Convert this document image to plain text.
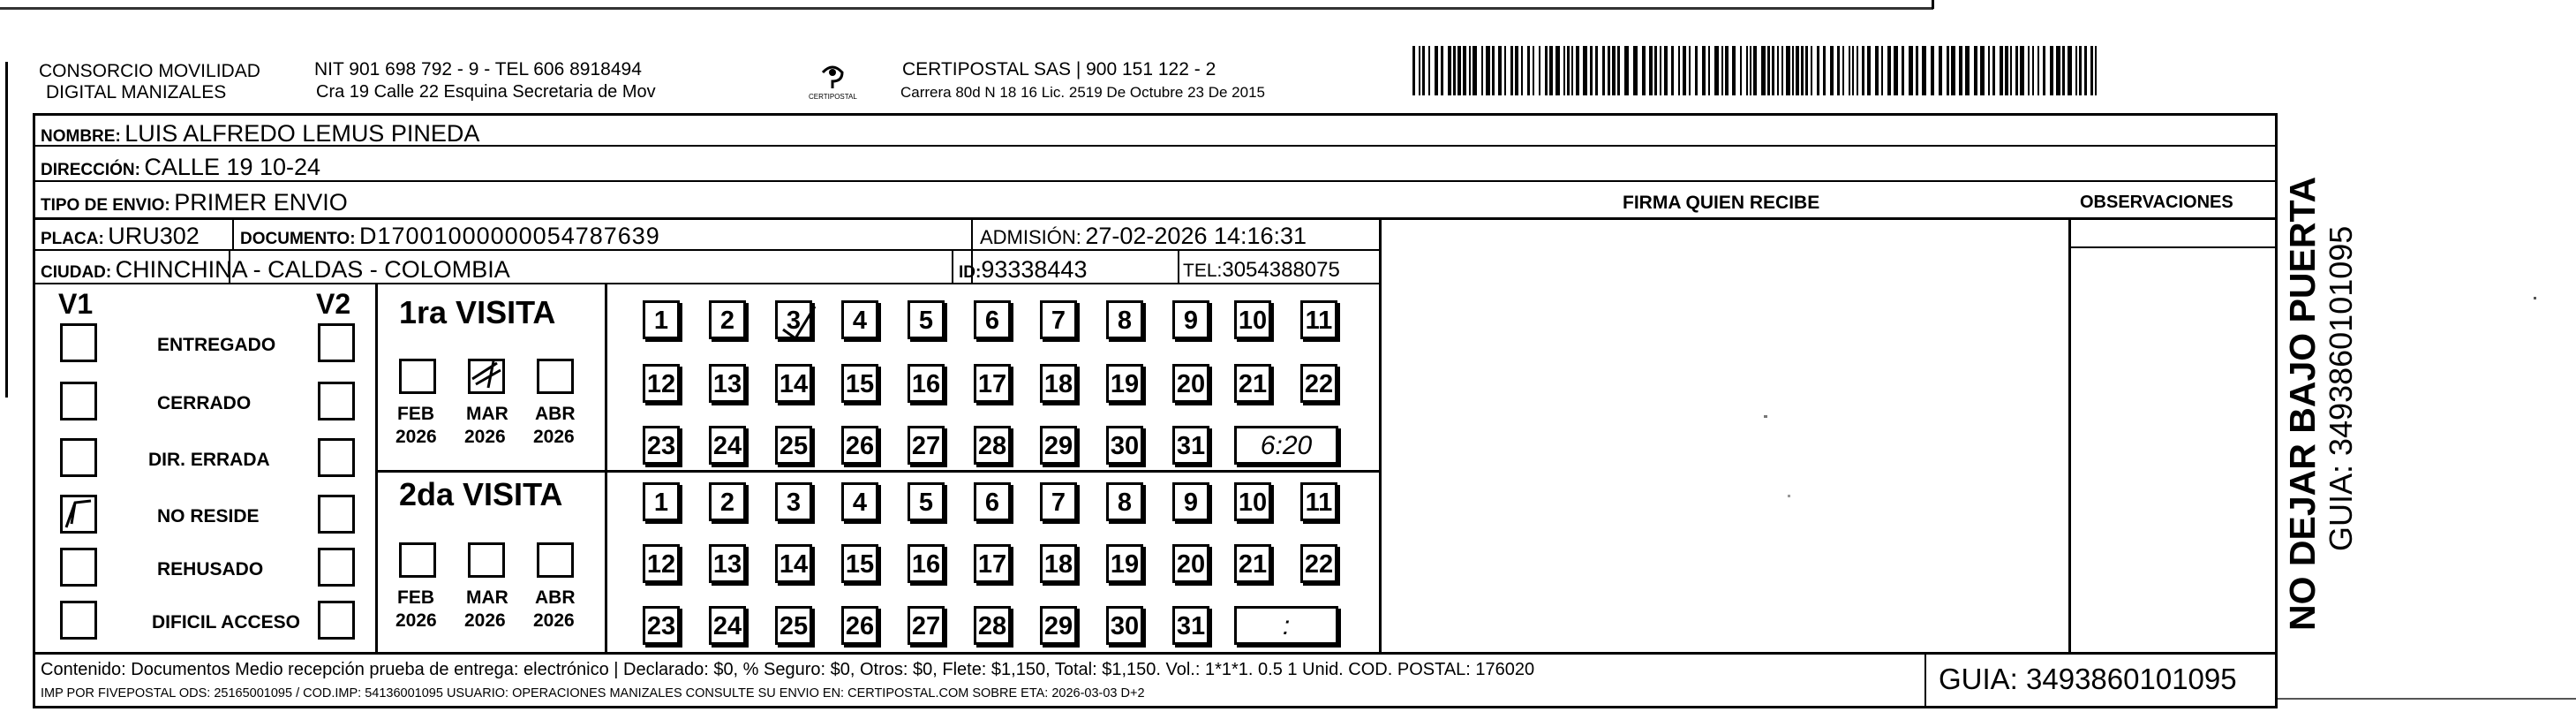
CONSORCIO MOVILIDAD
DIGITAL MANIZALES
NIT 901 698 792 - 9 - TEL 606 8918494
Cra 19 Calle 22 Esquina Secretaria de Mov	CERTIPOSTAL
CERTIPOSTAL SAS | 900 151 122 - 2
Carrera 80d N 18 16 Lic. 2519 De Octubre 23 De 2015
NOMBRE: LUIS ALFREDO LEMUS PINEDA
DIRECCIÓN: CALLE 19 10-24
TIPO DE ENVIO: PRIMER ENVIO
PLACA: URU302 DOCUMENTO: D17001000000054787639	ADMISIÓN: 27-02-2026 14:16:31
CIUDAD: CHINCHINA - CALDAS - COLOMBIA	ID:93338443	TEL:3054388075
FIRMA QUIEN RECIBE	OBSERVACIONES
V1	V2
ENTREGADO
CERRADO
DIR. ERRADA
NO RESIDE
REHUSADO
DIFICIL ACCESO
1ra VISITA
2da VISITA
FEB
2026
MAR
2026
ABR
2026
FEB
2026
MAR
2026
ABR
2026
1	2	3	4	5	6	7	8	9	10 11
12 13 14 15 16 17 18 19 20 21 22
23 24 25 26 27 28 29 30 31	6:20
1	2	3	4	5	6	7	8	9	10 11
12 13 14 15 16 17 18 19 20 21 22
23 24 25 26 27 28 29 30 31	:	NO DEJAR BAJO PUERTA GUIA: 3493860101095
Contenido: Documentos Medio recepción prueba de entrega: electrónico | Declarado: $0, % Seguro: $0, Otros: $0, Flete: $1,150, Total: $1,150. Vol.: 1*1*1. 0.5 1 Unid. COD. POSTAL: 176020
IMP POR FIVEPOSTAL ODS: 25165001095 / COD.IMP: 54136001095 USUARIO: OPERACIONES MANIZALES CONSULTE SU ENVIO EN: CERTIPOSTAL.COM SOBRE ETA: 2026-03-03 D+2	GUIA: 3493860101095
